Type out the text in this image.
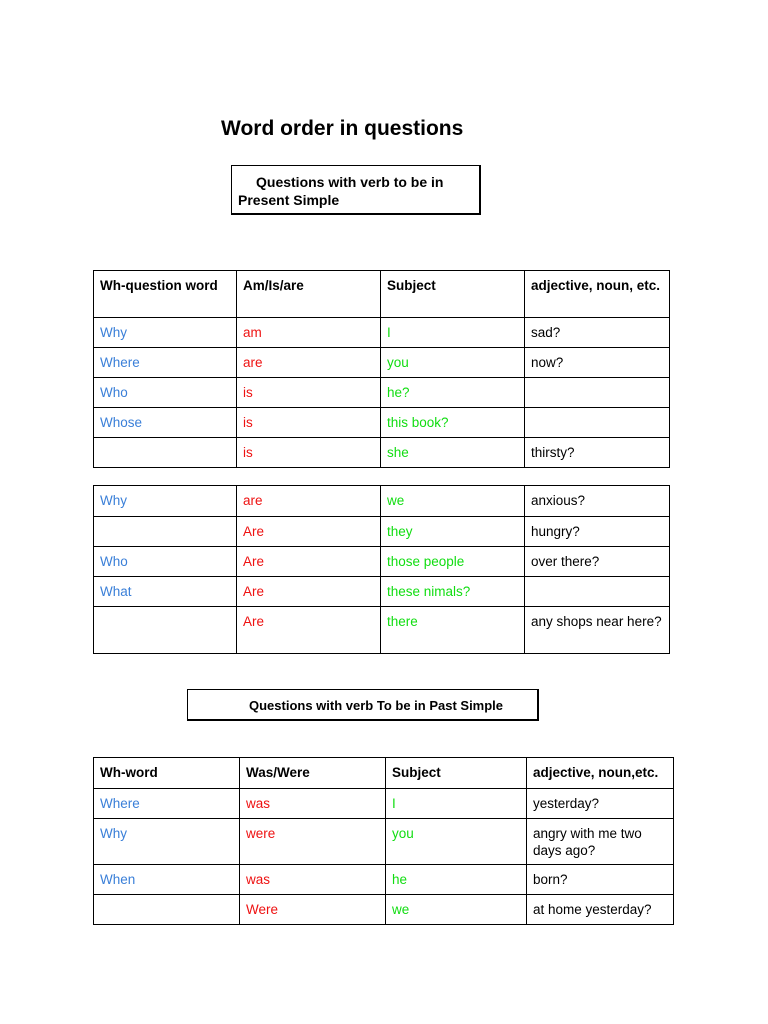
Word order in questions
Questions with verb to be in
Present Simple
Wh-question word	Am/Is/are	Subject	adjective, noun, etc.
Why	am	I	sad?
Where	are	you	now?
Who	is	he?	
Whose	is	this book?	
	is	she	thirsty?
Why	are	we	anxious?
	Are	they	hungry?
Who	Are	those people	over there?
What	Are	these nimals?	
	Are	there	any shops near here?
Questions with verb To be in Past Simple
Wh-word	Was/Were	Subject	adjective, noun,etc.
Where	was	I	yesterday?
Why	were	you	angry with me two days ago?
When	was	he	born?
	Were	we	at home yesterday?
